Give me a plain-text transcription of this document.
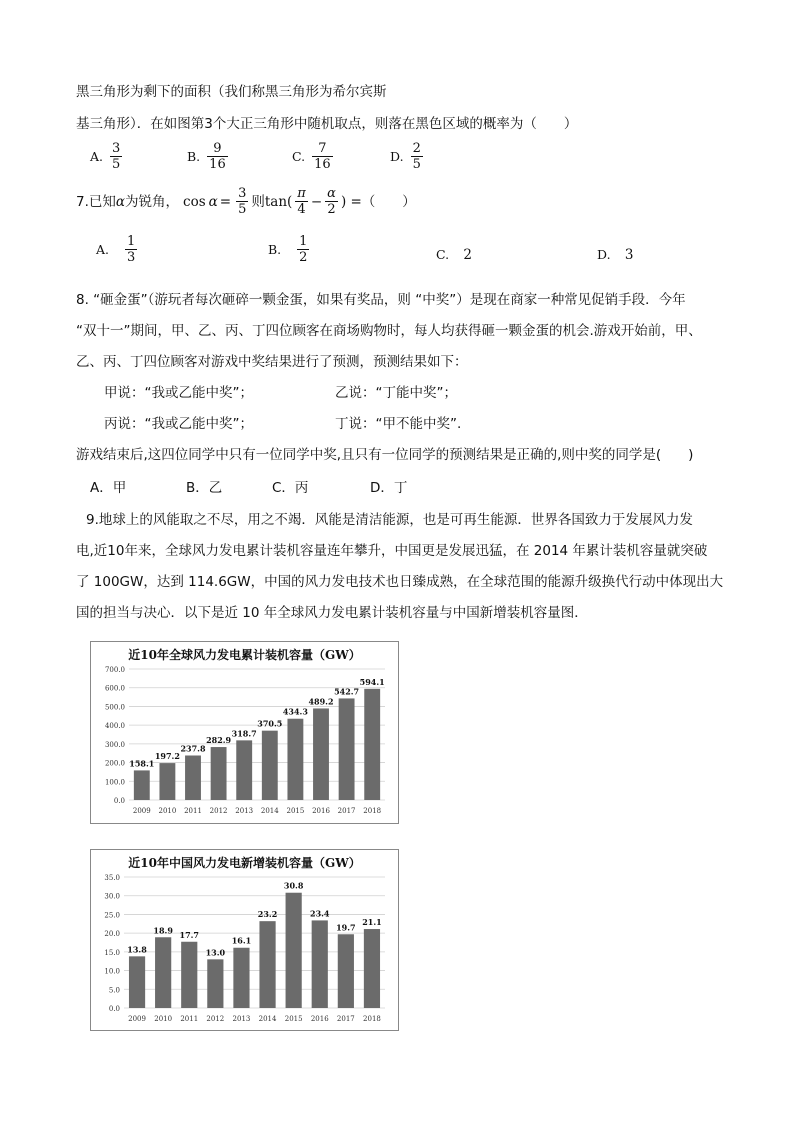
黑三角形为剩下的面积（我们称黑三角形为希尔宾斯
基三角形）．在如图第3个大正三角形中随机取点，则落在黑色区域的概率为（　　）
A. $\frac{3}{5}$	B. $\frac{9}{16}$	C. $\frac{7}{16}$	D. $\frac{2}{5}$
7.已知 α 为锐角， $\cos \alpha = \frac{3}{5}$ 则 $\tan( \frac{\pi}{4} - \frac{\alpha}{2}$ ) =（　　）
A. $\frac{1}{3}$	B. $\frac{1}{2}$	C. 2	D. 3
8. “砸金蛋”（游玩者每次砸碎一颗金蛋，如果有奖品，则 “中奖”）是现在商家一种常见促销手段．今年
“双十一”期间，甲、乙、丙、丁四位顾客在商场购物时，每人均获得砸一颗金蛋的机会.游戏开始前，甲、
乙、丙、丁四位顾客对游戏中奖结果进行了预测，预测结果如下：
甲说：“我或乙能中奖”；	乙说：“丁能中奖”；
丙说：“我或乙能中奖”；	丁说：“甲不能中奖”.
游戏结束后,这四位同学中只有一位同学中奖,且只有一位同学的预测结果是正确的,则中奖的同学是(　　)
A．甲	B．乙	C．丙	D．丁
9.地球上的风能取之不尽，用之不竭．风能是清洁能源，也是可再生能源．世界各国致力于发展风力发
电,近10年来，全球风力发电累计装机容量连年攀升，中国更是发展迅猛，在 2014 年累计装机容量就突破
了 100GW，达到 114.6GW，中国的风力发电技术也日臻成熟，在全球范围的能源升级换代行动中体现出大
国的担当与决心．以下是近 10 年全球风力发电累计装机容量与中国新增装机容量图．
近10年全球风力发电累计装机容量（GW）
0.0
100.0
200.0
300.0
400.0
500.0
600.0
700.0
158.1
2009
197.2
2010
237.8
2011
282.9
2012
318.7
2013
370.5
2014
434.3
2015
489.2
2016
542.7
2017
594.1
2018
近10年中国风力发电新增装机容量（GW）
0.0
5.0
10.0
15.0
20.0
25.0
30.0
35.0
13.8
2009
18.9
2010
17.7
2011
13.0
2012
16.1
2013
23.2
2014
30.8
2015
23.4
2016
19.7
2017
21.1
2018
